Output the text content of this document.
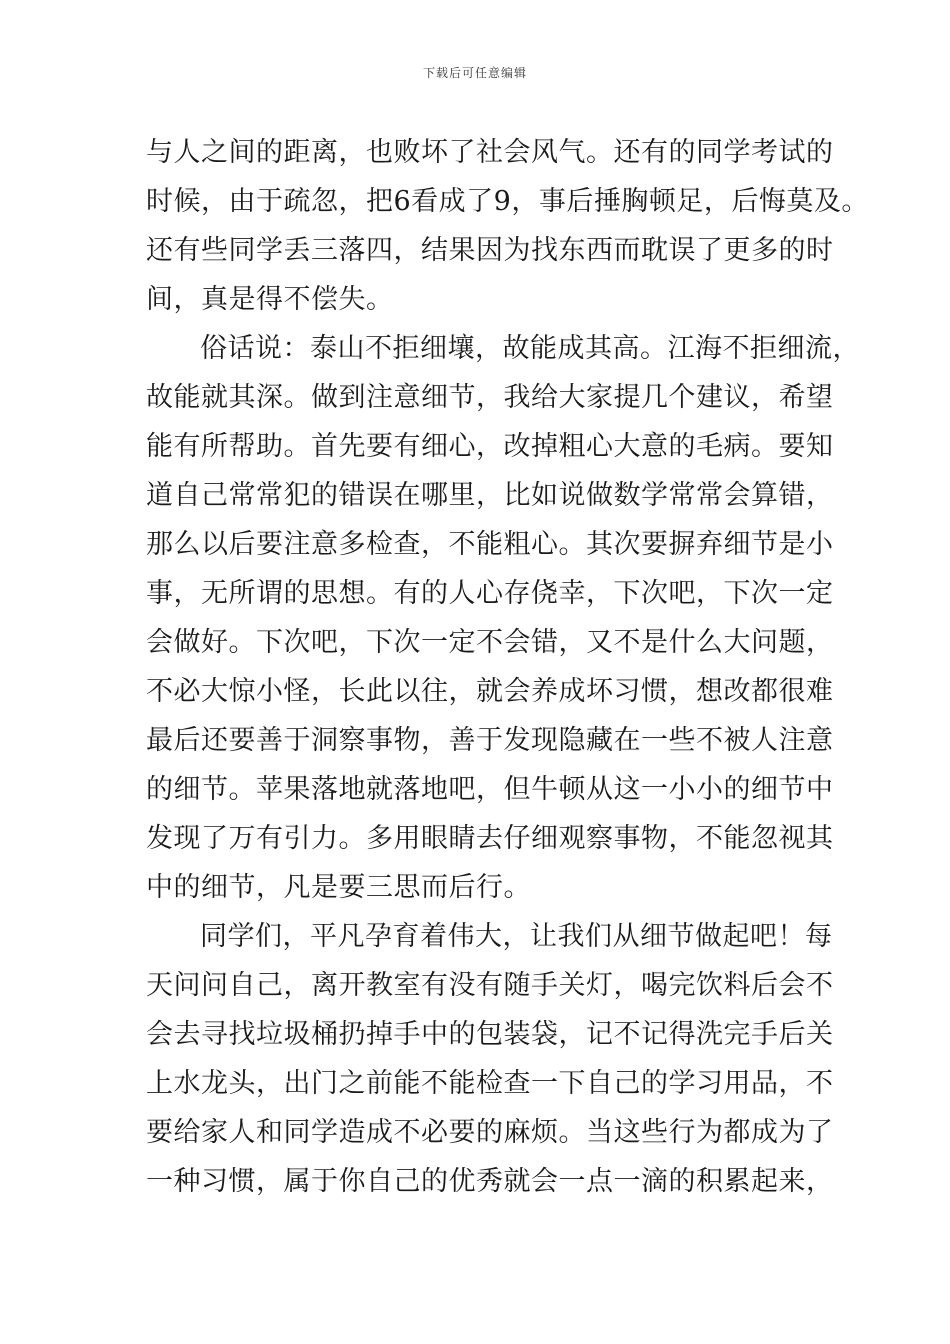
下载后可任意编辑
与人之间的距离，也败坏了社会风气。还有的同学考试的
时候，由于疏忽，把6看成了9，事后捶胸顿足，后悔莫及。
还有些同学丢三落四，结果因为找东西而耽误了更多的时
间，真是得不偿失。
俗话说：泰山不拒细壤，故能成其高。江海不拒细流，
故能就其深。做到注意细节，我给大家提几个建议，希望
能有所帮助。首先要有细心，改掉粗心大意的毛病。要知
道自己常常犯的错误在哪里，比如说做数学常常会算错，
那么以后要注意多检查，不能粗心。其次要摒弃细节是小
事，无所谓的思想。有的人心存侥幸，下次吧，下次一定
会做好。下次吧，下次一定不会错，又不是什么大问题，
不必大惊小怪，长此以往，就会养成坏习惯，想改都很难
最后还要善于洞察事物，善于发现隐藏在一些不被人注意
的细节。苹果落地就落地吧，但牛顿从这一小小的细节中
发现了万有引力。多用眼睛去仔细观察事物，不能忽视其
中的细节，凡是要三思而后行。
同学们，平凡孕育着伟大，让我们从细节做起吧！每
天问问自己，离开教室有没有随手关灯，喝完饮料后会不
会去寻找垃圾桶扔掉手中的包装袋，记不记得洗完手后关
上水龙头，出门之前能不能检查一下自己的学习用品，不
要给家人和同学造成不必要的麻烦。当这些行为都成为了
一种习惯，属于你自己的优秀就会一点一滴的积累起来，
